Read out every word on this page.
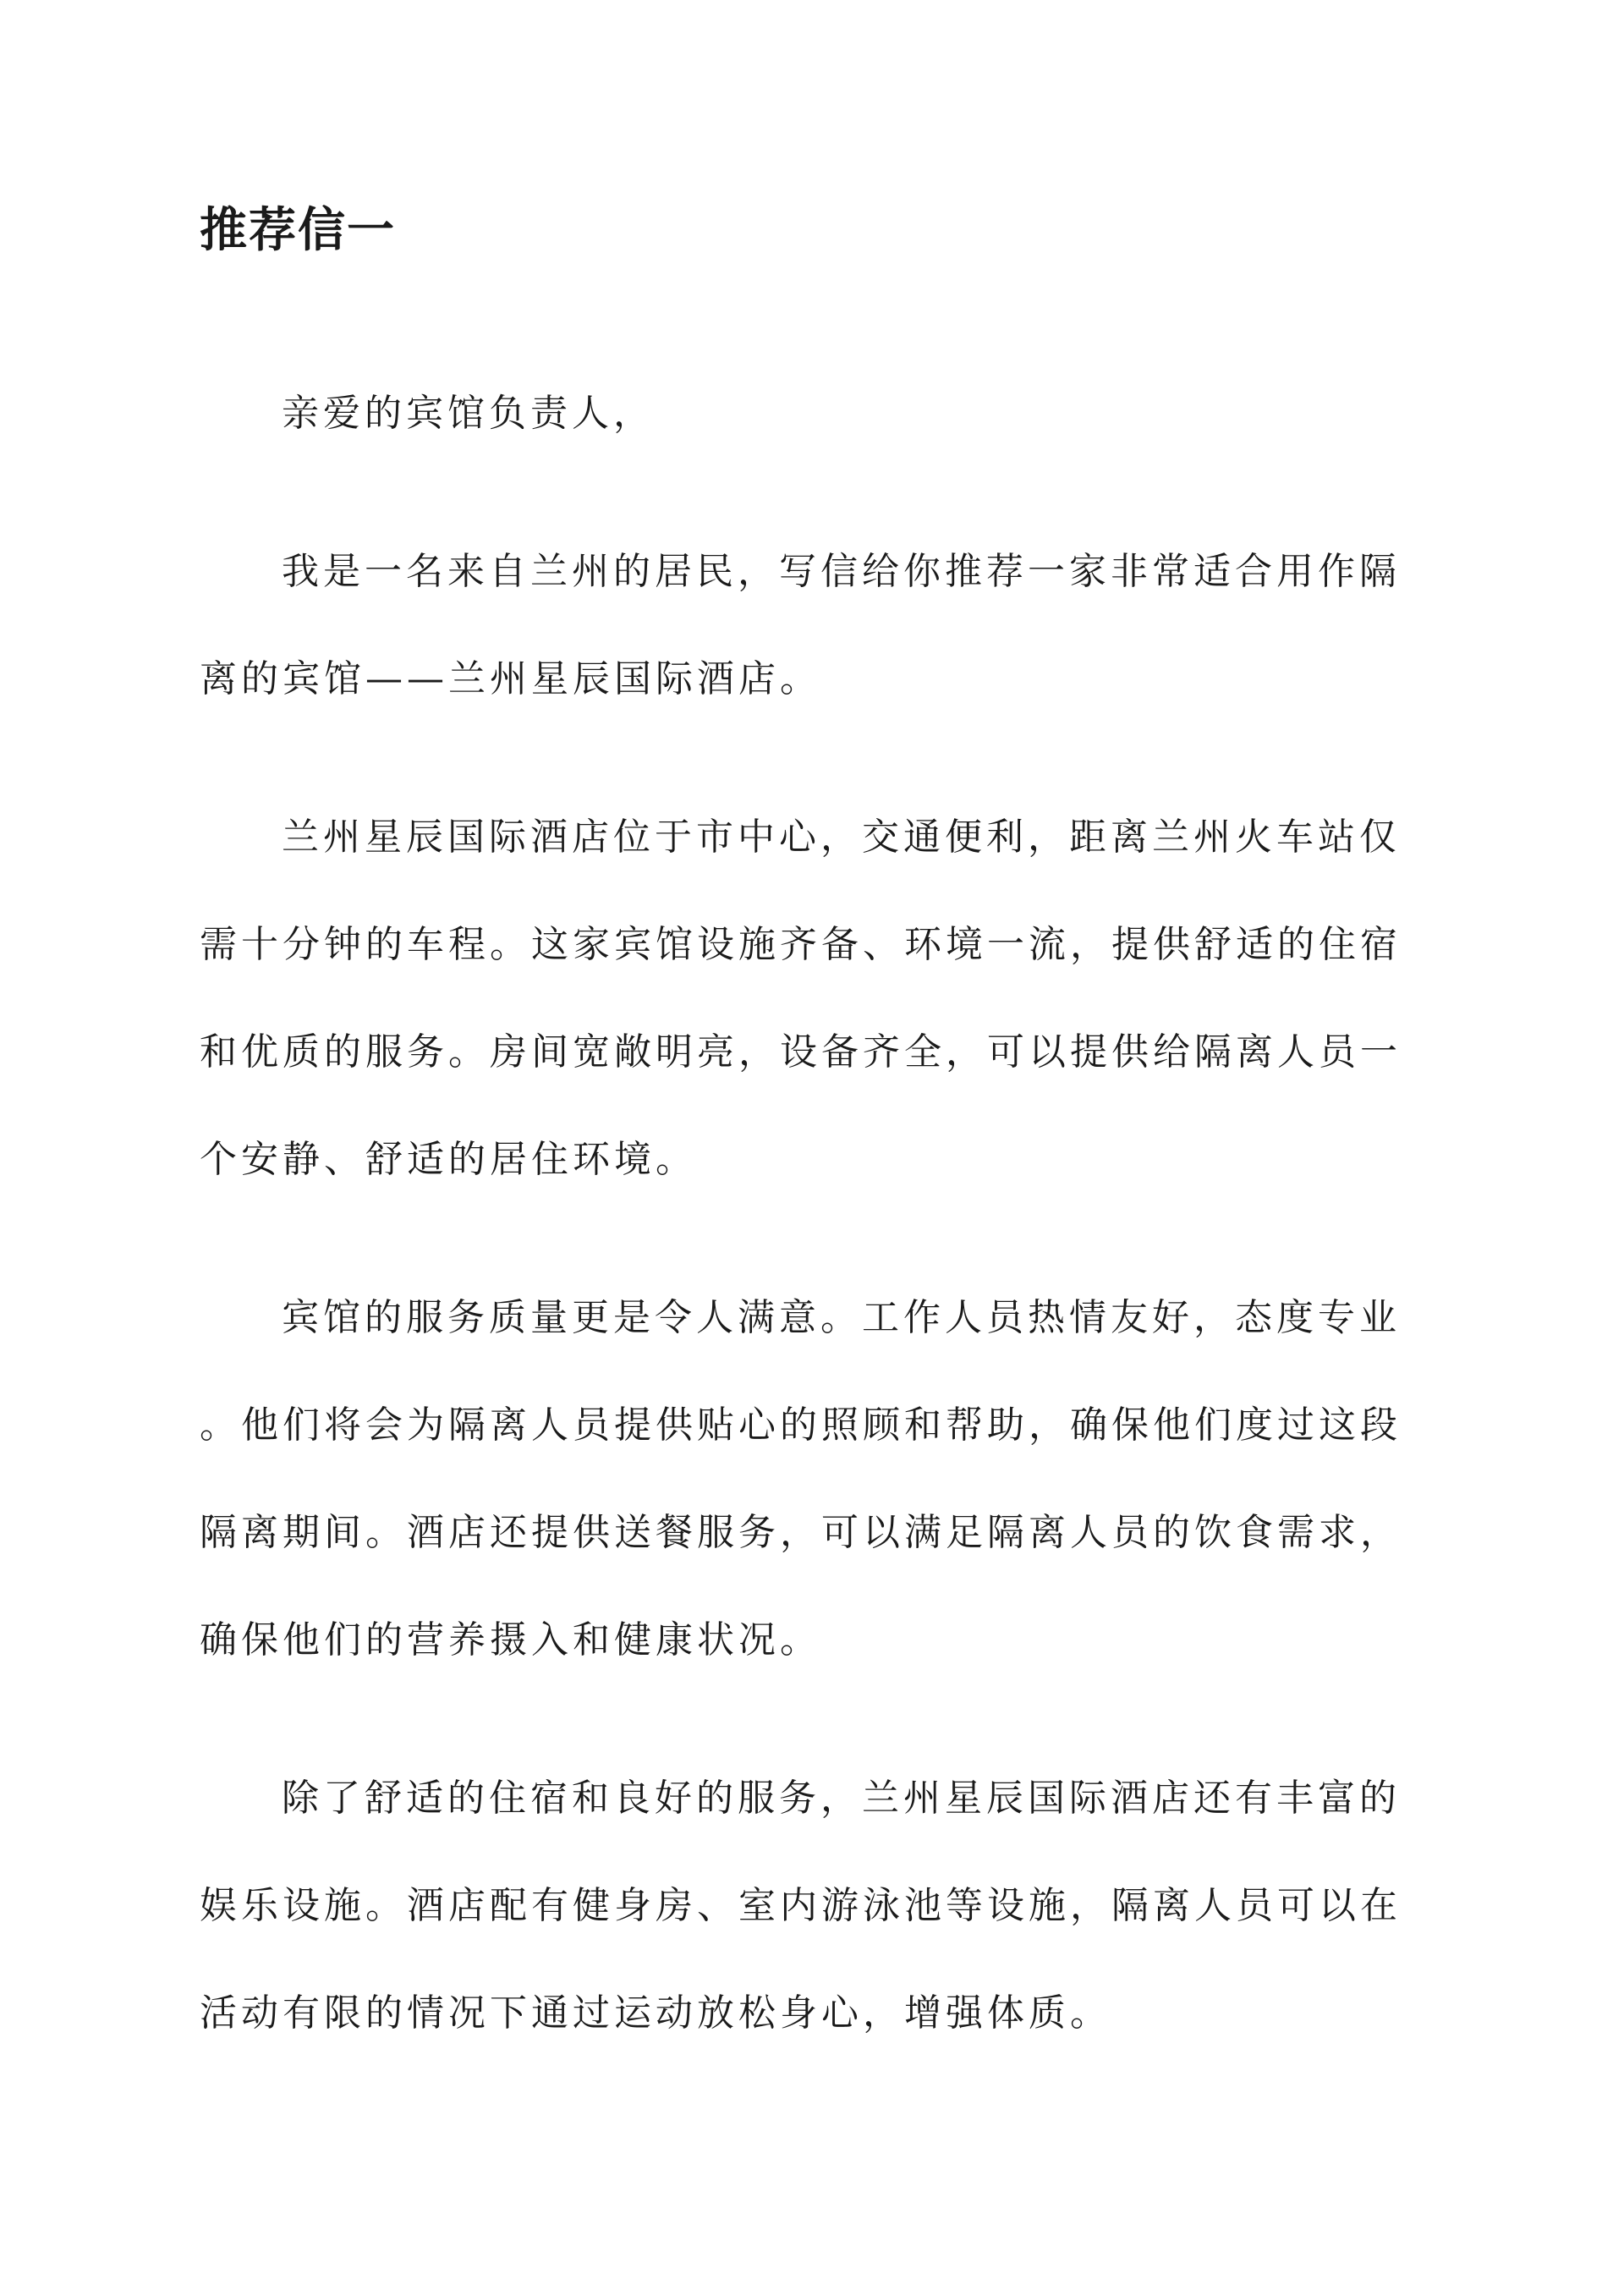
推荐信一

亲爱的宾馆负责人，

我是一名来自兰州的居民，写信给你推荐一家非常适合用作隔
离的宾馆——兰州星辰国际酒店。

兰州星辰国际酒店位于市中心，交通便利，距离兰州火车站仅
需十分钟的车程。这家宾馆设施齐备、环境一流，提供舒适的住宿
和优质的服务。房间宽敞明亮，设备齐全，可以提供给隔离人员一
个安静、舒适的居住环境。

宾馆的服务质量更是令人满意。工作人员热情友好，态度专业
。他们将会为隔离人员提供贴心的照顾和帮助，确保他们度过这段
隔离期间。酒店还提供送餐服务，可以满足隔离人员的饮食需求，
确保他们的营养摄入和健康状况。

除了舒适的住宿和良好的服务，兰州星辰国际酒店还有丰富的
娱乐设施。酒店配有健身房、室内游泳池等设施，隔离人员可以在
活动有限的情况下通过运动放松身心，增强体质。
